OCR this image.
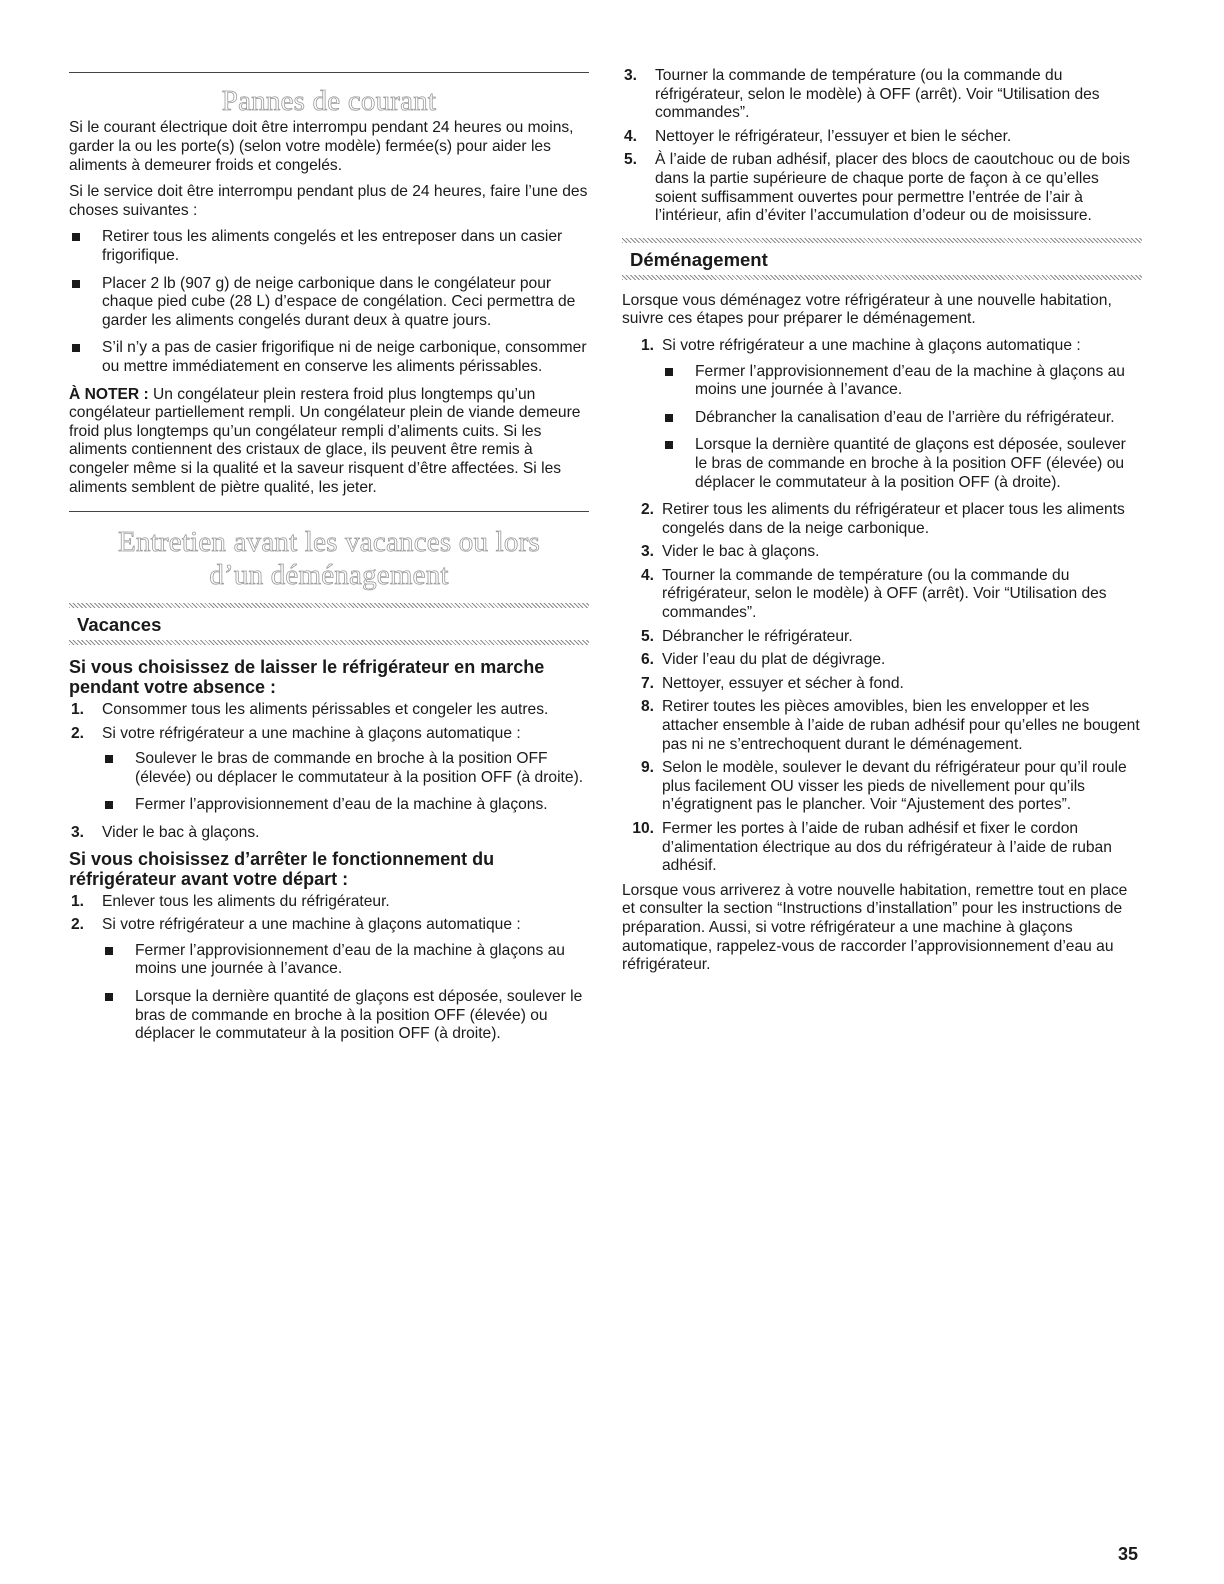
Pannes de courant

Si le courant électrique doit être interrompu pendant 24 heures ou moins, garder la ou les porte(s) (selon votre modèle) fermée(s) pour aider les aliments à demeurer froids et congelés.

Si le service doit être interrompu pendant plus de 24 heures, faire l’une des choses suivantes :

Retirer tous les aliments congelés et les entreposer dans un casier frigorifique.
Placer 2 lb (907 g) de neige carbonique dans le congélateur pour chaque pied cube (28 L) d’espace de congélation. Ceci permettra de garder les aliments congelés durant deux à quatre jours.
S’il n’y a pas de casier frigorifique ni de neige carbonique, consommer ou mettre immédiatement en conserve les aliments périssables.

À NOTER : Un congélateur plein restera froid plus longtemps qu’un congélateur partiellement rempli. Un congélateur plein de viande demeure froid plus longtemps qu’un congélateur rempli d’aliments cuits. Si les aliments contiennent des cristaux de glace, ils peuvent être remis à congeler même si la qualité et la saveur risquent d’être affectées. Si les aliments semblent de piètre qualité, les jeter.

Entretien avant les vacances ou lors
d’un déménagement
Vacances
Si vous choisissez de laisser le réfrigérateur en marche pendant votre absence :
1. Consommer tous les aliments périssables et congeler les autres.
2. Si votre réfrigérateur a une machine à glaçons automatique :
Soulever le bras de commande en broche à la position OFF (élevée) ou déplacer le commutateur à la position OFF (à droite).
Fermer l’approvisionnement d’eau de la machine à glaçons.
3. Vider le bac à glaçons.
Si vous choisissez d’arrêter le fonctionnement du réfrigérateur avant votre départ :
1. Enlever tous les aliments du réfrigérateur.
2. Si votre réfrigérateur a une machine à glaçons automatique :
Fermer l’approvisionnement d’eau de la machine à glaçons au moins une journée à l’avance.
Lorsque la dernière quantité de glaçons est déposée, soulever le bras de commande en broche à la position OFF (élevée) ou déplacer le commutateur à la position OFF (à droite).
3. Tourner la commande de température (ou la commande du réfrigérateur, selon le modèle) à OFF (arrêt). Voir “Utilisation des commandes”.
4. Nettoyer le réfrigérateur, l’essuyer et bien le sécher.
5. À l’aide de ruban adhésif, placer des blocs de caoutchouc ou de bois dans la partie supérieure de chaque porte de façon à ce qu’elles soient suffisamment ouvertes pour permettre l’entrée de l’air à l’intérieur, afin d’éviter l’accumulation d’odeur ou de moisissure.
Déménagement

Lorsque vous déménagez votre réfrigérateur à une nouvelle habitation, suivre ces étapes pour préparer le déménagement.

1. Si votre réfrigérateur a une machine à glaçons automatique :
Fermer l’approvisionnement d’eau de la machine à glaçons au moins une journée à l’avance.
Débrancher la canalisation d’eau de l’arrière du réfrigérateur.
Lorsque la dernière quantité de glaçons est déposée, soulever le bras de commande en broche à la position OFF (élevée) ou déplacer le commutateur à la position OFF (à droite).
2. Retirer tous les aliments du réfrigérateur et placer tous les aliments congelés dans de la neige carbonique.
3. Vider le bac à glaçons.
4. Tourner la commande de température (ou la commande du réfrigérateur, selon le modèle) à OFF (arrêt). Voir “Utilisation des commandes”.
5. Débrancher le réfrigérateur.
6. Vider l’eau du plat de dégivrage.
7. Nettoyer, essuyer et sécher à fond.
8. Retirer toutes les pièces amovibles, bien les envelopper et les attacher ensemble à l’aide de ruban adhésif pour qu’elles ne bougent pas ni ne s’entrechoquent durant le déménagement.
9. Selon le modèle, soulever le devant du réfrigérateur pour qu’il roule plus facilement OU visser les pieds de nivellement pour qu’ils n’égratignent pas le plancher. Voir “Ajustement des portes”.
10. Fermer les portes à l’aide de ruban adhésif et fixer le cordon d’alimentation électrique au dos du réfrigérateur à l’aide de ruban adhésif.

Lorsque vous arriverez à votre nouvelle habitation, remettre tout en place et consulter la section “Instructions d’installation” pour les instructions de préparation. Aussi, si votre réfrigérateur a une machine à glaçons automatique, rappelez-vous de raccorder l’approvisionnement d’eau au réfrigérateur.

35
